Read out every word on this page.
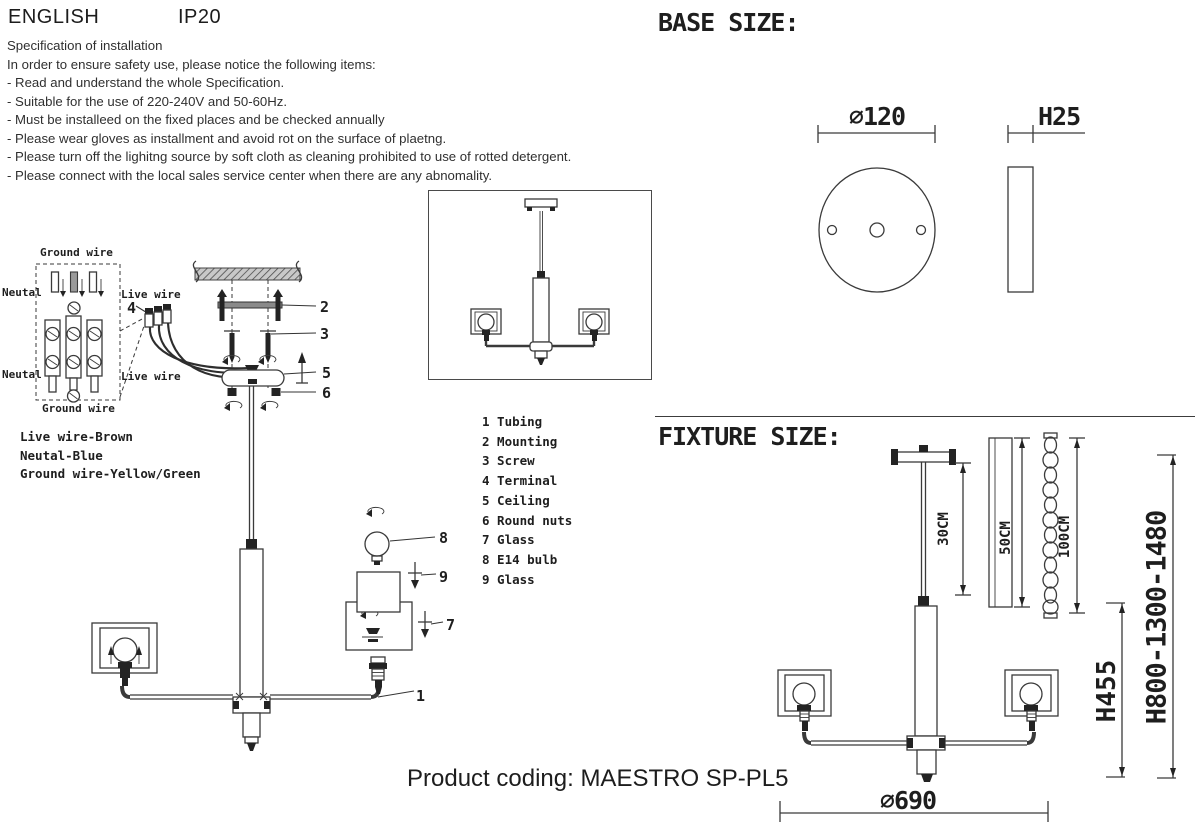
ENGLISH	IP20
Specification of installation
In order to ensure safety use, please notice the following items:
- Read and understand the whole Specification.
- Suitable for the use of 220-240V and 50-60Hz.
- Must be installeed on the fixed places and be checked annually
- Please wear gloves as installment and avoid rot on the surface of plaetng.
- Please turn off the lighitng source by soft cloth as cleaning prohibited to use of rotted detergent.
- Please connect with the local sales service center when there are any abnomality.
Ground wire
Neutal	Live wire
Neutal	Live wire
Ground wire
Live wire-Brown
Neutal-Blue
Ground wire-Yellow/Green
4	2
3
5
6
8
9
7
1
1 Tubing
2 Mounting
3 Screw
4 Terminal
5 Ceiling
6 Round nuts
7 Glass
8 E14 bulb
9 Glass
BASE SIZE:
∅120	H25
FIXTURE SIZE:
30CM	50CM	100CM
H455 H800-1300-1480
∅690
Product coding: MAESTRO SP-PL5
